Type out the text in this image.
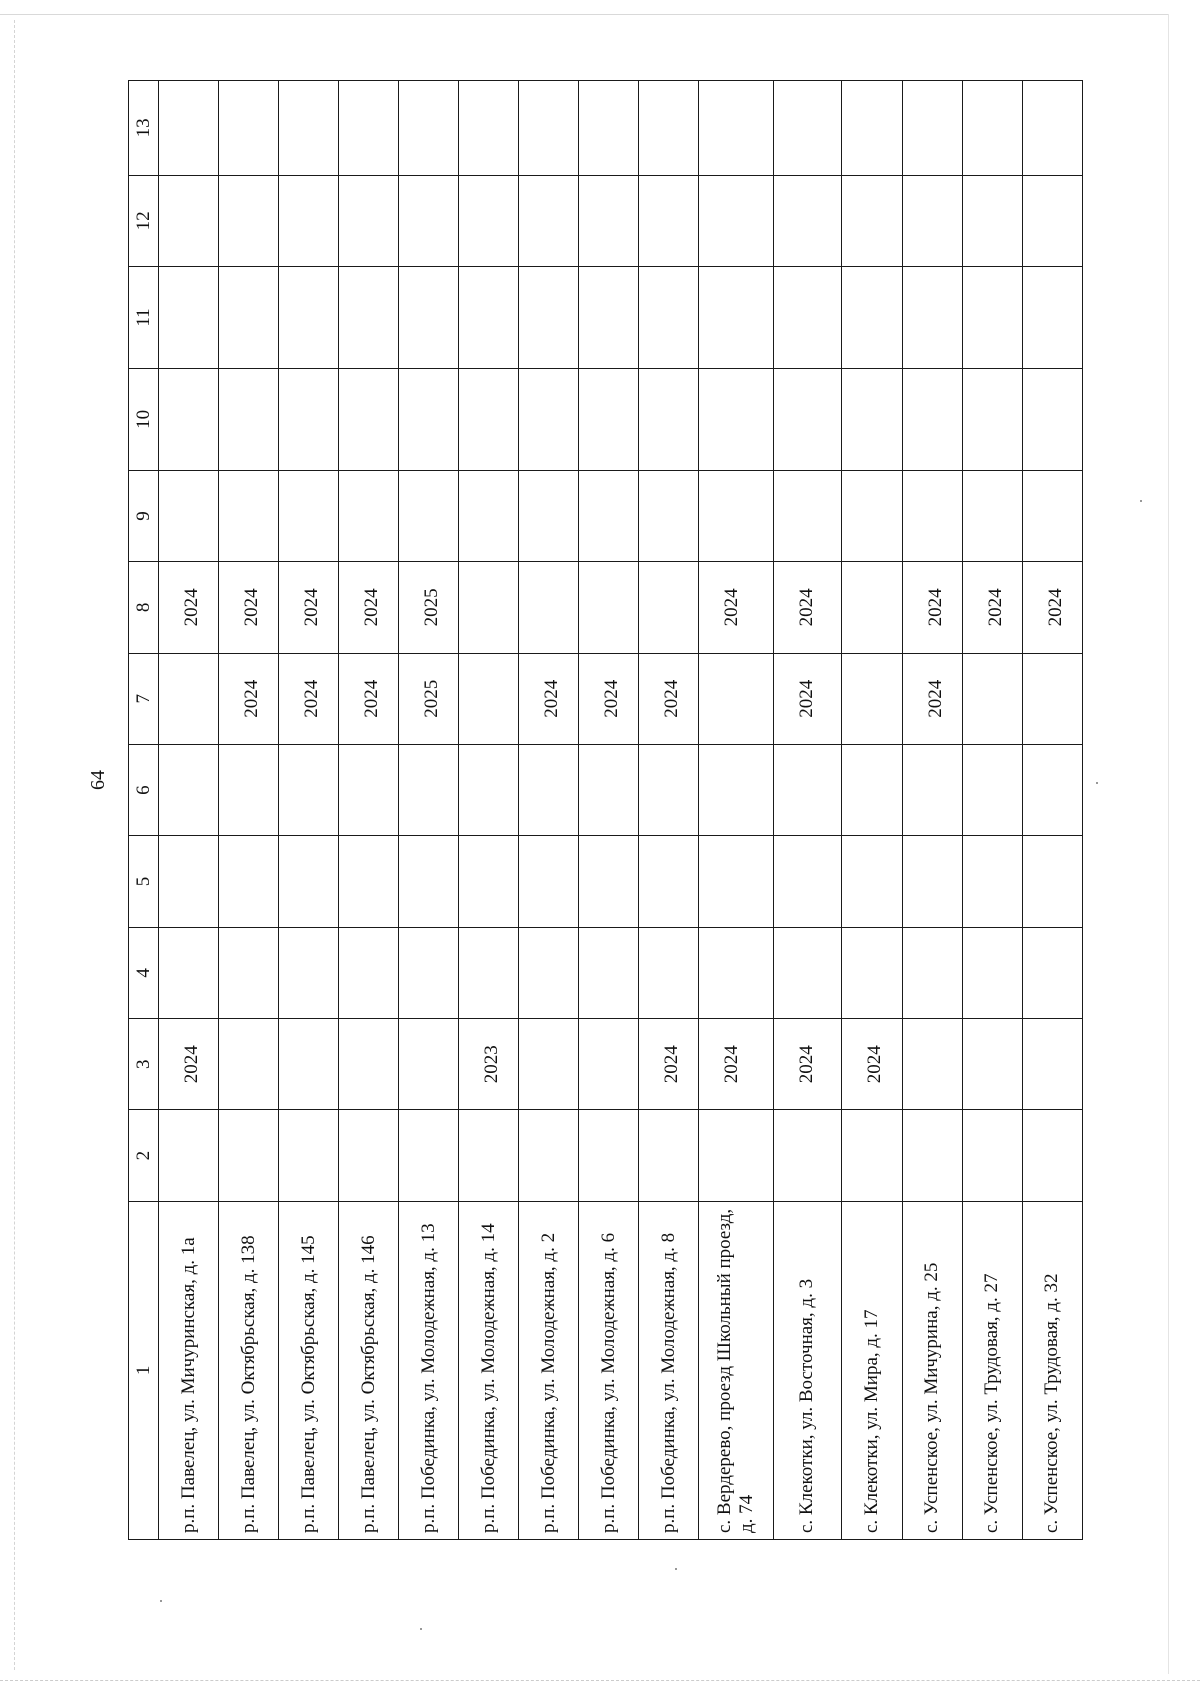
64
1	2	3	4	5	6	7	8	9	10	11	12	13
р.п. Павелец, ул. Мичуринская, д. 1а		2024					2024					
р.п. Павелец, ул. Октябрьская, д. 138						2024	2024					
р.п. Павелец, ул. Октябрьская, д. 145						2024	2024					
р.п. Павелец, ул. Октябрьская, д. 146						2024	2024					
р.п. Побединка, ул. Молодежная, д. 13						2025	2025					
р.п. Побединка, ул. Молодежная, д. 14		2023										
р.п. Побединка, ул. Молодежная, д. 2						2024						
р.п. Побединка, ул. Молодежная, д. 6						2024						
р.п. Побединка, ул. Молодежная, д. 8		2024				2024						
с. Вердерево, проезд Школьный проезд, д. 74		2024					2024					
с. Клекотки, ул. Восточная, д. 3		2024				2024	2024					
с. Клекотки, ул. Мира, д. 17		2024										
с. Успенское, ул. Мичурина, д. 25						2024	2024					
с. Успенское, ул. Трудовая, д. 27							2024					
с. Успенское, ул. Трудовая, д. 32							2024					
